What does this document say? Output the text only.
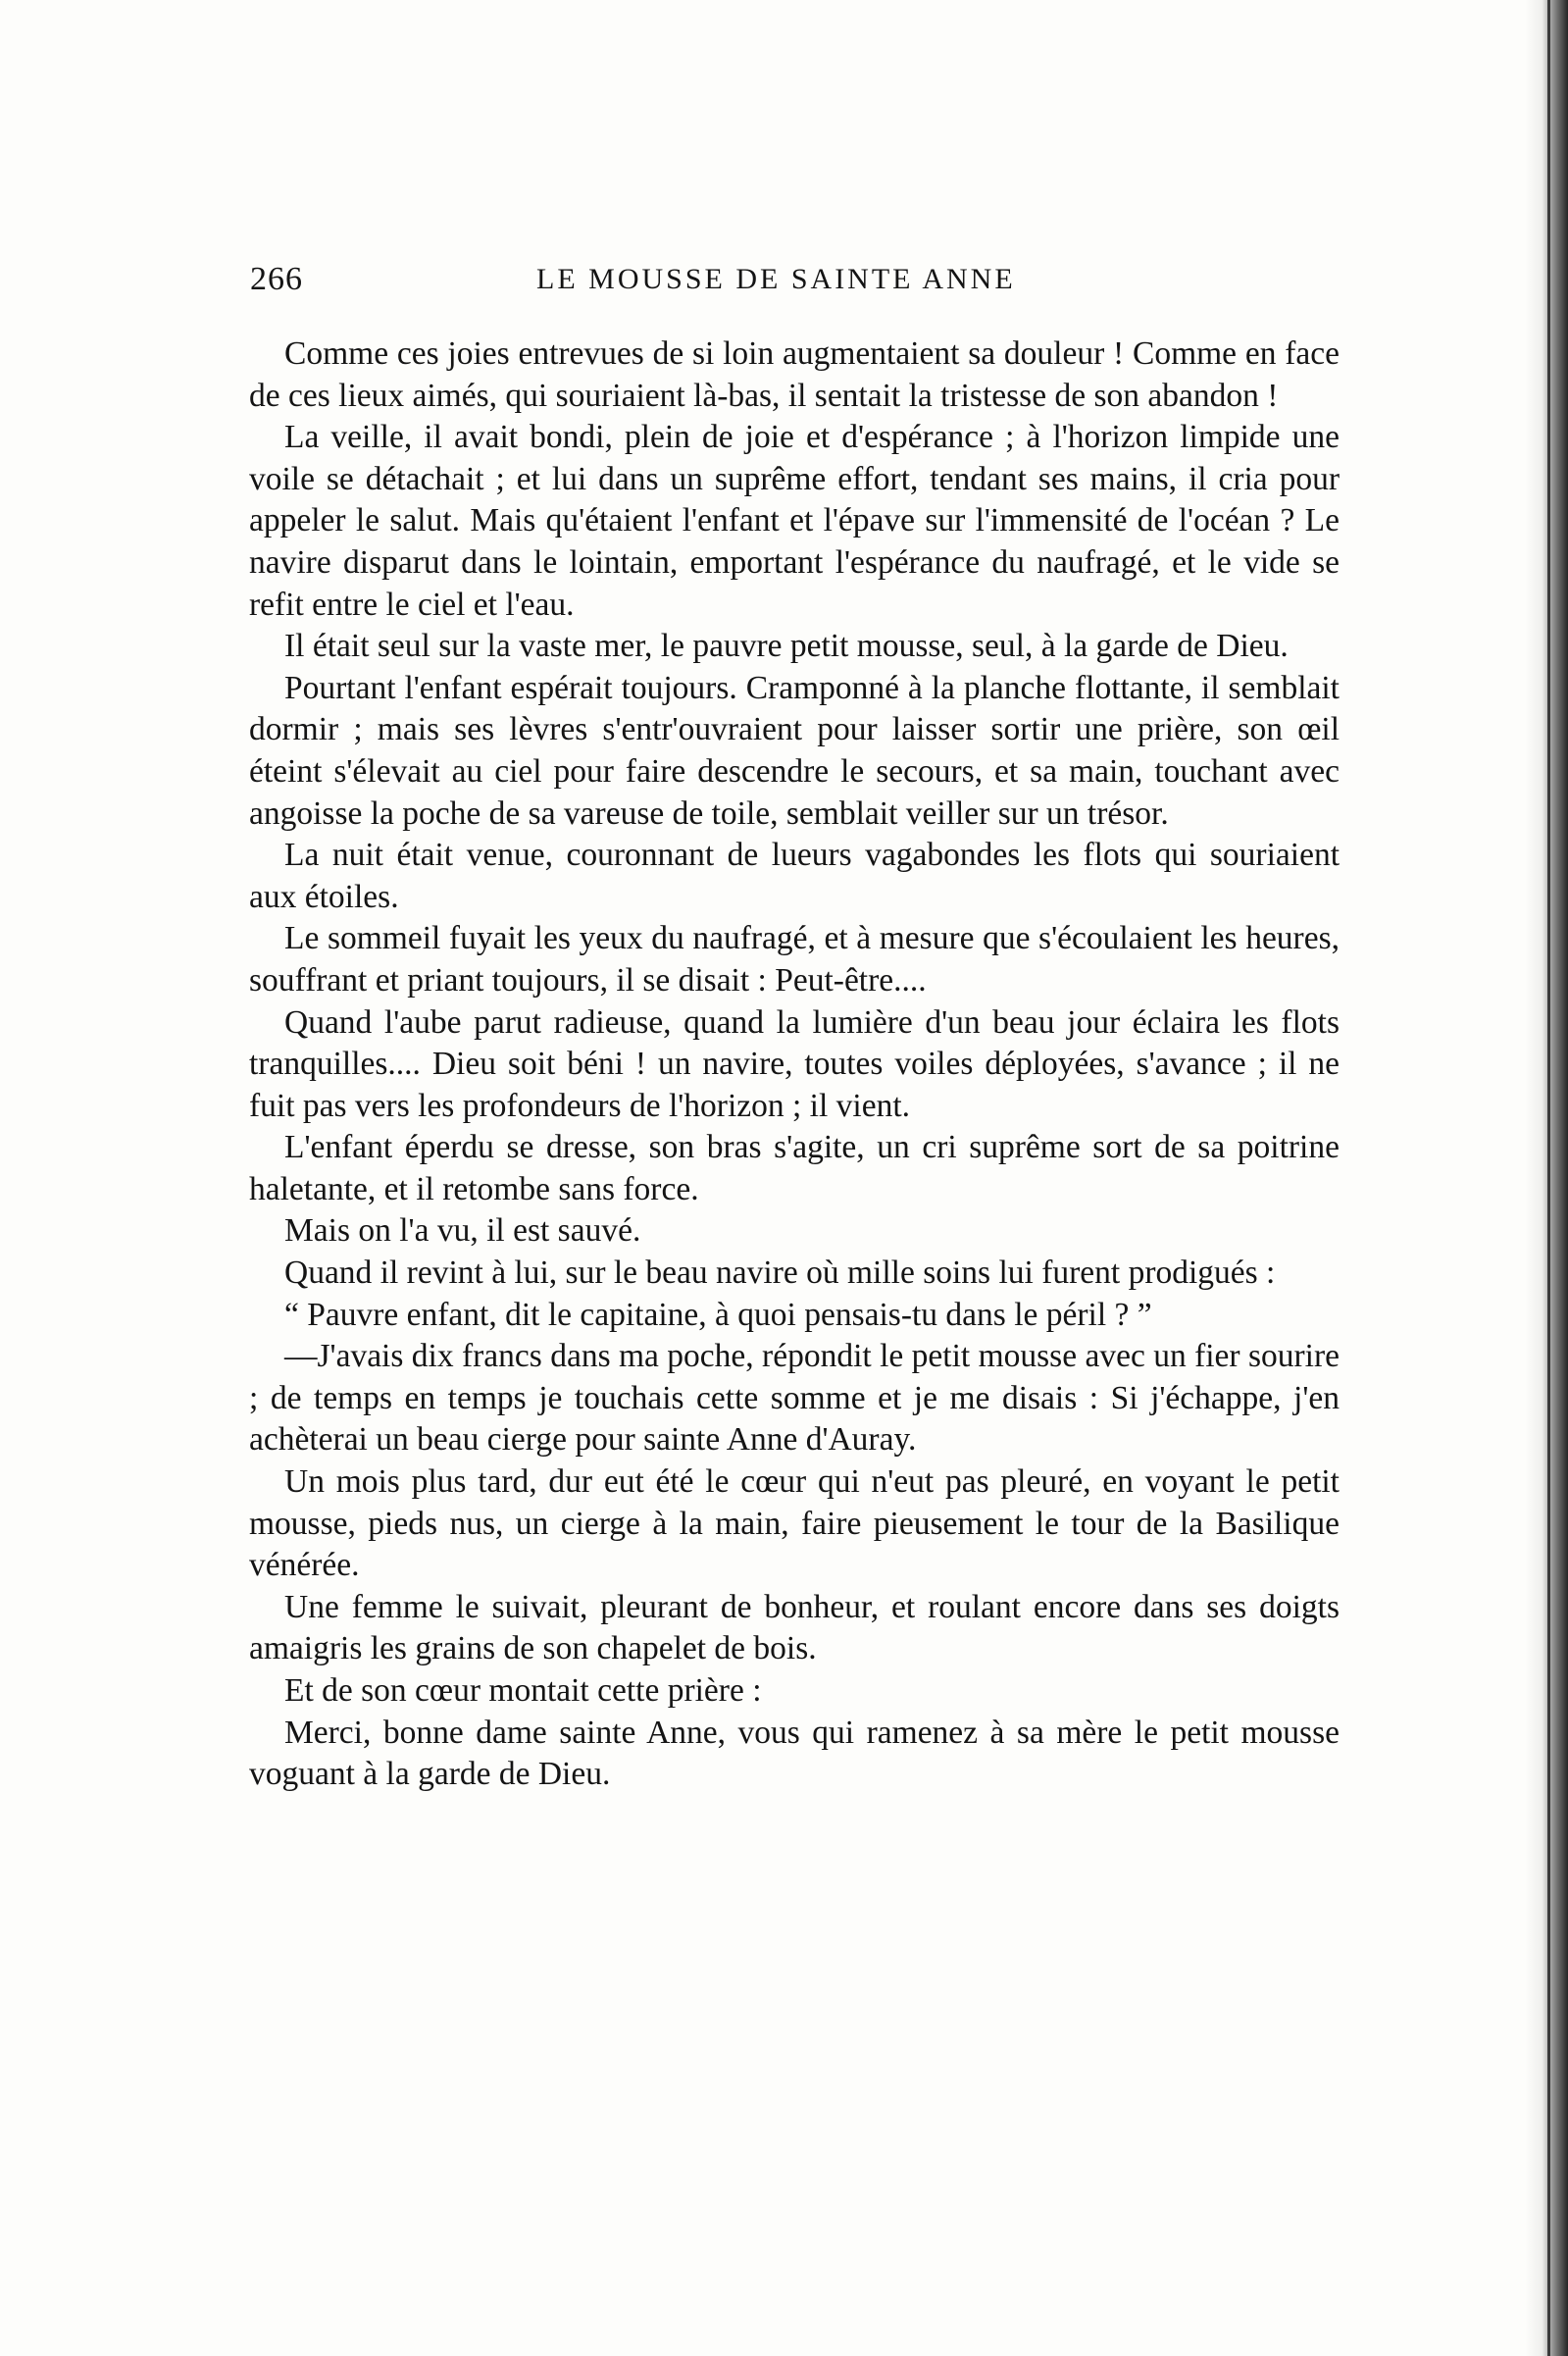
266	LE MOUSSE DE SAINTE ANNE

Comme ces joies entrevues de si loin augmentaient sa douleur ! Comme en face de ces lieux aimés, qui souriaient là-bas, il sentait la tristesse de son abandon !

La veille, il avait bondi, plein de joie et d'espérance ; à l'horizon limpide une voile se détachait ; et lui dans un suprême effort, tendant ses mains, il cria pour appeler le salut. Mais qu'étaient l'enfant et l'épave sur l'immensité de l'océan ? Le navire disparut dans le lointain, emportant l'espérance du naufragé, et le vide se refit entre le ciel et l'eau.

Il était seul sur la vaste mer, le pauvre petit mousse, seul, à la garde de Dieu.

Pourtant l'enfant espérait toujours. Cramponné à la planche flottante, il semblait dormir ; mais ses lèvres s'entr'ouvraient pour laisser sortir une prière, son œil éteint s'élevait au ciel pour faire descendre le secours, et sa main, touchant avec angoisse la poche de sa vareuse de toile, semblait veiller sur un trésor.

La nuit était venue, couronnant de lueurs vagabondes les flots qui souriaient aux étoiles.

Le sommeil fuyait les yeux du naufragé, et à mesure que s'écoulaient les heures, souffrant et priant toujours, il se disait : Peut-être....

Quand l'aube parut radieuse, quand la lumière d'un beau jour éclaira les flots tranquilles.... Dieu soit béni ! un navire, toutes voiles déployées, s'avance ; il ne fuit pas vers les profondeurs de l'horizon ; il vient.

L'enfant éperdu se dresse, son bras s'agite, un cri suprême sort de sa poitrine haletante, et il retombe sans force.

Mais on l'a vu, il est sauvé.

Quand il revint à lui, sur le beau navire où mille soins lui furent prodigués :

“ Pauvre enfant, dit le capitaine, à quoi pensais-tu dans le péril ? ”

—J'avais dix francs dans ma poche, répondit le petit mousse avec un fier sourire ; de temps en temps je touchais cette somme et je me disais : Si j'échappe, j'en achèterai un beau cierge pour sainte Anne d'Auray.

Un mois plus tard, dur eut été le cœur qui n'eut pas pleuré, en voyant le petit mousse, pieds nus, un cierge à la main, faire pieusement le tour de la Basilique vénérée.

Une femme le suivait, pleurant de bonheur, et roulant encore dans ses doigts amaigris les grains de son chapelet de bois.

Et de son cœur montait cette prière :

Merci, bonne dame sainte Anne, vous qui ramenez à sa mère le petit mousse voguant à la garde de Dieu.
